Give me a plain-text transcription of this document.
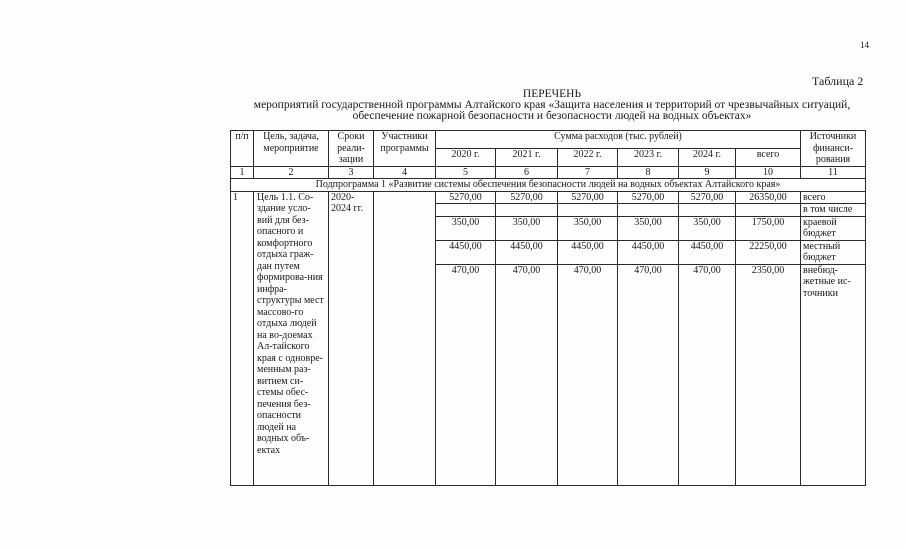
14
Таблица 2
ПЕРЕЧЕНЬ
мероприятий государственной программы Алтайского края «Защита населения и территорий от чрезвычайных ситуаций, обеспечение пожарной безопасности и безопасности людей на водных объектах»
п/п	Цель, задача, мероприятие	Сроки реали-зации	Участники программы	Сумма расходов (тыс. рублей)						Источники финанси-рования
				2020 г.	2021 г.	2022 г.	2023 г.	2024 г.	всего	
1	2	3	4	5	6	7	8	9	10	11
Подпрограмма 1 «Развитие системы обеспечения безопасности людей на водных объектах Алтайского края»										
1	Цель 1.1. Со-здание усло-вий для без-опасного и комфортного отдыха граж-дан путем формирова-ния инфра-структуры мест массово-го отдыха людей на во-доемах Ал-тайского края с одновре-менным раз-витием си-стемы обес-печения без-опасности людей на водных объ-ектах	2020-2024 гг.		5270,00	5270,00	5270,00	5270,00	5270,00	26350,00	всего
										в том числе
				350,00	350,00	350,00	350,00	350,00	1750,00	краевой бюджет
				4450,00	4450,00	4450,00	4450,00	4450,00	22250,00	местный бюджет
				470,00	470,00	470,00	470,00	470,00	2350,00	внебюд-жетные ис-точники
